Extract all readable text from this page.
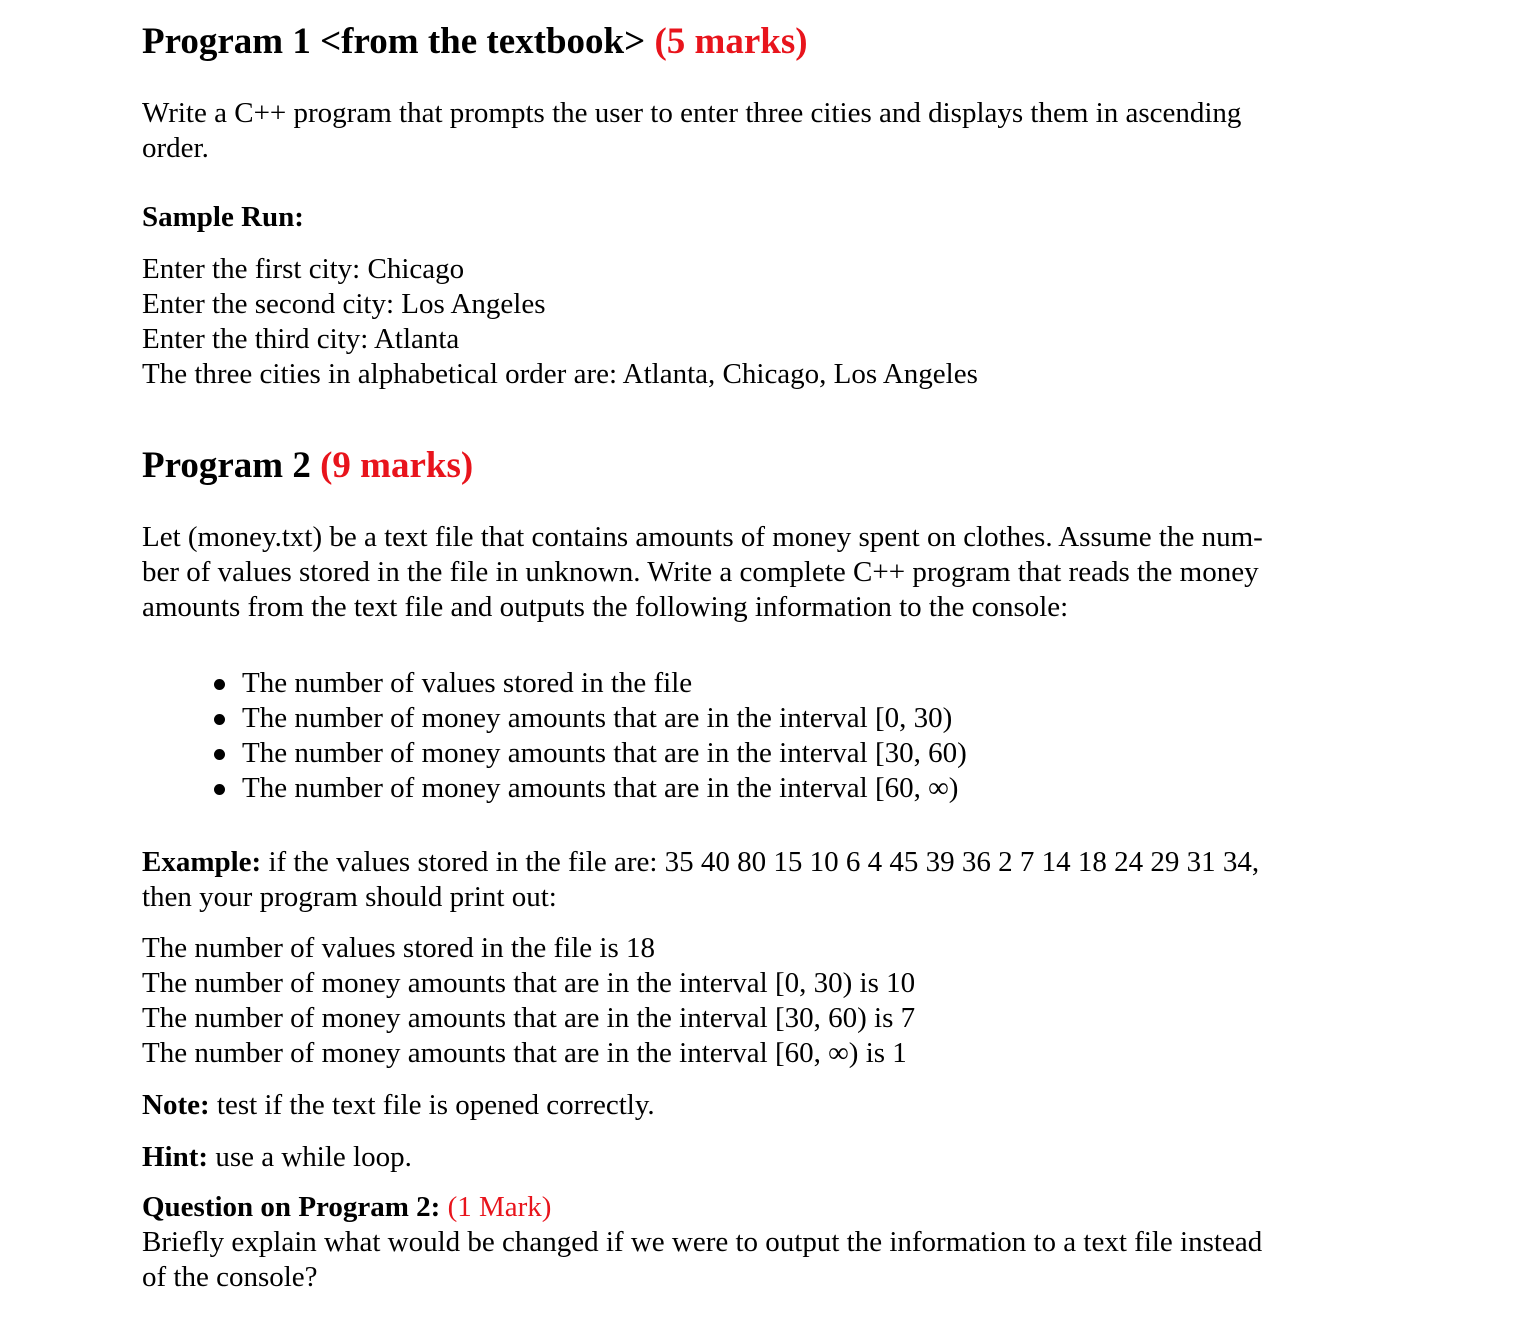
Program 1 <from the textbook> (5 marks)
Write a C++ program that prompts the user to enter three cities and displays them in ascending
order.
Sample Run:
Enter the first city: Chicago
Enter the second city: Los Angeles
Enter the third city: Atlanta
The three cities in alphabetical order are: Atlanta, Chicago, Los Angeles
Program 2 (9 marks)
Let (money.txt) be a text file that contains amounts of money spent on clothes. Assume the num-
ber of values stored in the file in unknown. Write a complete C++ program that reads the money
amounts from the text file and outputs the following information to the console:
The number of values stored in the file
The number of money amounts that are in the interval [0, 30)
The number of money amounts that are in the interval [30, 60)
The number of money amounts that are in the interval [60, ∞)
Example: if the values stored in the file are: 35 40 80 15 10 6 4 45 39 36 2 7 14 18 24 29 31 34,
then your program should print out:
The number of values stored in the file is 18
The number of money amounts that are in the interval [0, 30) is 10
The number of money amounts that are in the interval [30, 60) is 7
The number of money amounts that are in the interval [60, ∞) is 1
Note: test if the text file is opened correctly.
Hint: use a while loop.
Question on Program 2: (1 Mark)
Briefly explain what would be changed if we were to output the information to a text file instead
of the console?
